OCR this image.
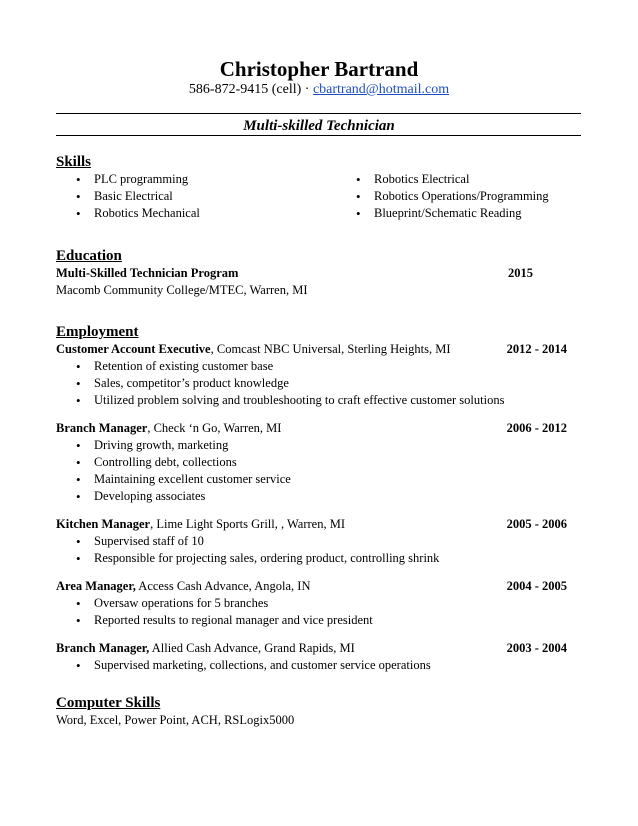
Christopher Bartrand
586-872-9415 (cell) · cbartrand@hotmail.com
Multi-skilled Technician
Skills
• PLC programming
• Basic Electrical
• Robotics Mechanical
• Robotics Electrical
• Robotics Operations/Programming
• Blueprint/Schematic Reading
Education
Multi-Skilled Technician Program	2015
Macomb Community College/MTEC, Warren, MI
Employment
Customer Account Executive, Comcast NBC Universal, Sterling Heights, MI	2012 - 2014
• Retention of existing customer base
• Sales, competitor’s product knowledge
• Utilized problem solving and troubleshooting to craft effective customer solutions
Branch Manager, Check ‘n Go, Warren, MI	2006 - 2012
• Driving growth, marketing
• Controlling debt, collections
• Maintaining excellent customer service
• Developing associates
Kitchen Manager, Lime Light Sports Grill, , Warren, MI	2005 - 2006
• Supervised staff of 10
• Responsible for projecting sales, ordering product, controlling shrink
Area Manager, Access Cash Advance, Angola, IN	2004 - 2005
• Oversaw operations for 5 branches
• Reported results to regional manager and vice president
Branch Manager, Allied Cash Advance, Grand Rapids, MI	2003 - 2004
• Supervised marketing, collections, and customer service operations
Computer Skills
Word, Excel, Power Point, ACH, RSLogix5000
